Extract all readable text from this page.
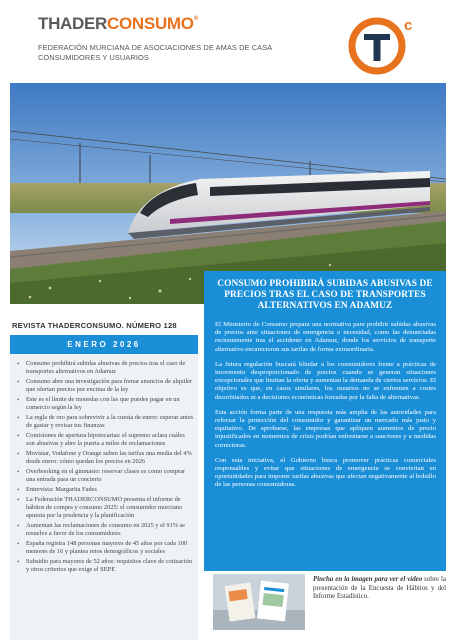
THADERCONSUMO®
FEDERACIÓN MURCIANA DE ASOCIACIONES DE AMAS DE CASA
CONSUMIDORES Y USUARIOS
c
REVISTA THADERCONSUMO. NÚMERO 128
ENERO 2026
• Consumo prohibirá subidas abusivas de precios tras el caso de transportes alternativos en Adamuz
• Consumo abre una investigación para frenar anuncios de alquiler que ofertan precios por encima de la ley
• Este es el límite de monedas con las que puedes pagar en un comercio según la ley
• La regla de oro para sobrevivir a la cuesta de enero: esperar antes de gastar y revisar tus finanzas
• Comisiones de apertura hipotecarias: el supremo aclara cuáles son abusivas y abre la puerta a miles de reclamaciones
• Movistar, Vodafone y Orange suben las tarifas una media del 4% desde enero: cómo quedan los precios en 2026
• Overbooking en el gimnasio: reservar clases es como comprar una entrada para un concierto
• Entrevista: Margarita Fades
• La Federación THADERCONSUMO presenta el informe de hábitos de compra y consumo 2025: el consumidor murciano apuesta por la prudencia y la planificación
• Aumentan las reclamaciones de consumo en 2025 y el 91% se resuelve a favor de los consumidores
• España registra 148 personas mayores de 45 años por cada 100 menores de 16 y plantea retos demográficos y sociales
• Subsidio para mayores de 52 años: requisitos clave de cotización y otros criterios que exige el SEPE
CONSUMO PROHIBIRÁ SUBIDAS ABUSIVAS DE PRECIOS TRAS EL CASO DE TRANSPORTES ALTERNATIVOS EN ADAMUZ

El Ministerio de Consumo prepara una normativa para prohibir subidas abusivas de precios ante situaciones de emergencia o necesidad, como las denunciadas recientemente tras el accidente en Adamuz, donde los servicios de transporte alternativo encarecieron sus tarifas de forma extraordinaria.

La futura regulación buscará blindar a los consumidores frente a prácticas de incremento desproporcionado de precios cuando se generan situaciones excepcionales que limitan la oferta y aumentan la demanda de ciertos servicios. El objetivo es que, en casos similares, los usuarios no se enfrenten a costes desorbitados ni a decisiones económicas forzadas por la falta de alternativas.

Esta acción forma parte de una respuesta más amplia de las autoridades para reforzar la protección del consumidor y garantizar un mercado más justo y equitativo. De aprobarse, las empresas que apliquen aumentos de precio injustificados en momentos de crisis podrían enfrentarse a sanciones y a medidas correctoras.

Con esta iniciativa, el Gobierno busca promover prácticas comerciales responsables y evitar que situaciones de emergencia se conviertan en oportunidades para imponer tarifas abusivas que afectan negativamente al bolsillo de las personas consumidoras.

Pincha en la imagen para ver el vídeo sobre la presentación de la Encuesta de Hábitos y del Informe Estadístico.
